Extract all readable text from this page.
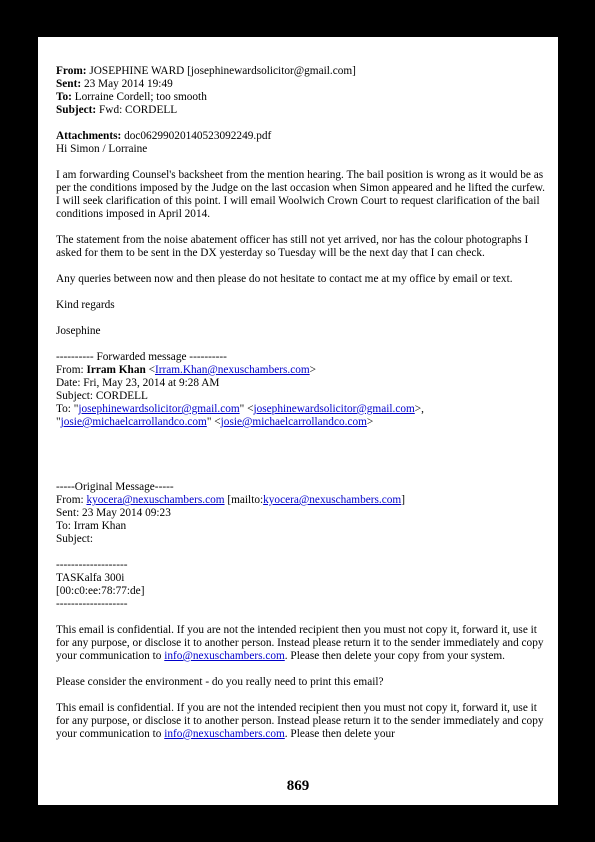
From: JOSEPHINE WARD [josephinewardsolicitor@gmail.com]

Sent: 23 May 2014 19:49

To: Lorraine Cordell; too smooth

Subject: Fwd: CORDELL

Attachments: doc06299020140523092249.pdf

Hi Simon / Lorraine

I am forwarding Counsel's backsheet from the mention hearing. The bail position is wrong as it would be as per the conditions imposed by the Judge on the last occasion when Simon appeared and he lifted the curfew. I will seek clarification of this point. I will email Woolwich Crown Court to request clarification of the bail conditions imposed in April 2014.

The statement from the noise abatement officer has still not yet arrived, nor has the colour photographs I asked for them to be sent in the DX yesterday so Tuesday will be the next day that I can check.

Any queries between now and then please do not hesitate to contact me at my office by email or text.

Kind regards

Josephine

---------- Forwarded message ----------

From: Irram Khan <Irram.Khan@nexuschambers.com>

Date: Fri, May 23, 2014 at 9:28 AM

Subject: CORDELL

To: "josephinewardsolicitor@gmail.com" <josephinewardsolicitor@gmail.com>,
"josie@michaelcarrollandco.com" <josie@michaelcarrollandco.com>

-----Original Message-----

From: kyocera@nexuschambers.com [mailto:kyocera@nexuschambers.com]

Sent: 23 May 2014 09:23

To: Irram Khan

Subject:

-------------------

TASKalfa 300i

[00:c0:ee:78:77:de]

-------------------

This email is confidential. If you are not the intended recipient then you must not copy it, forward it, use it for any purpose, or disclose it to another person. Instead please return it to the sender immediately and copy your communication to info@nexuschambers.com. Please then delete your copy from your system.

Please consider the environment - do you really need to print this email?

This email is confidential. If you are not the intended recipient then you must not copy it, forward it, use it for any purpose, or disclose it to another person. Instead please return it to the sender immediately and copy your communication to info@nexuschambers.com. Please then delete your

869
